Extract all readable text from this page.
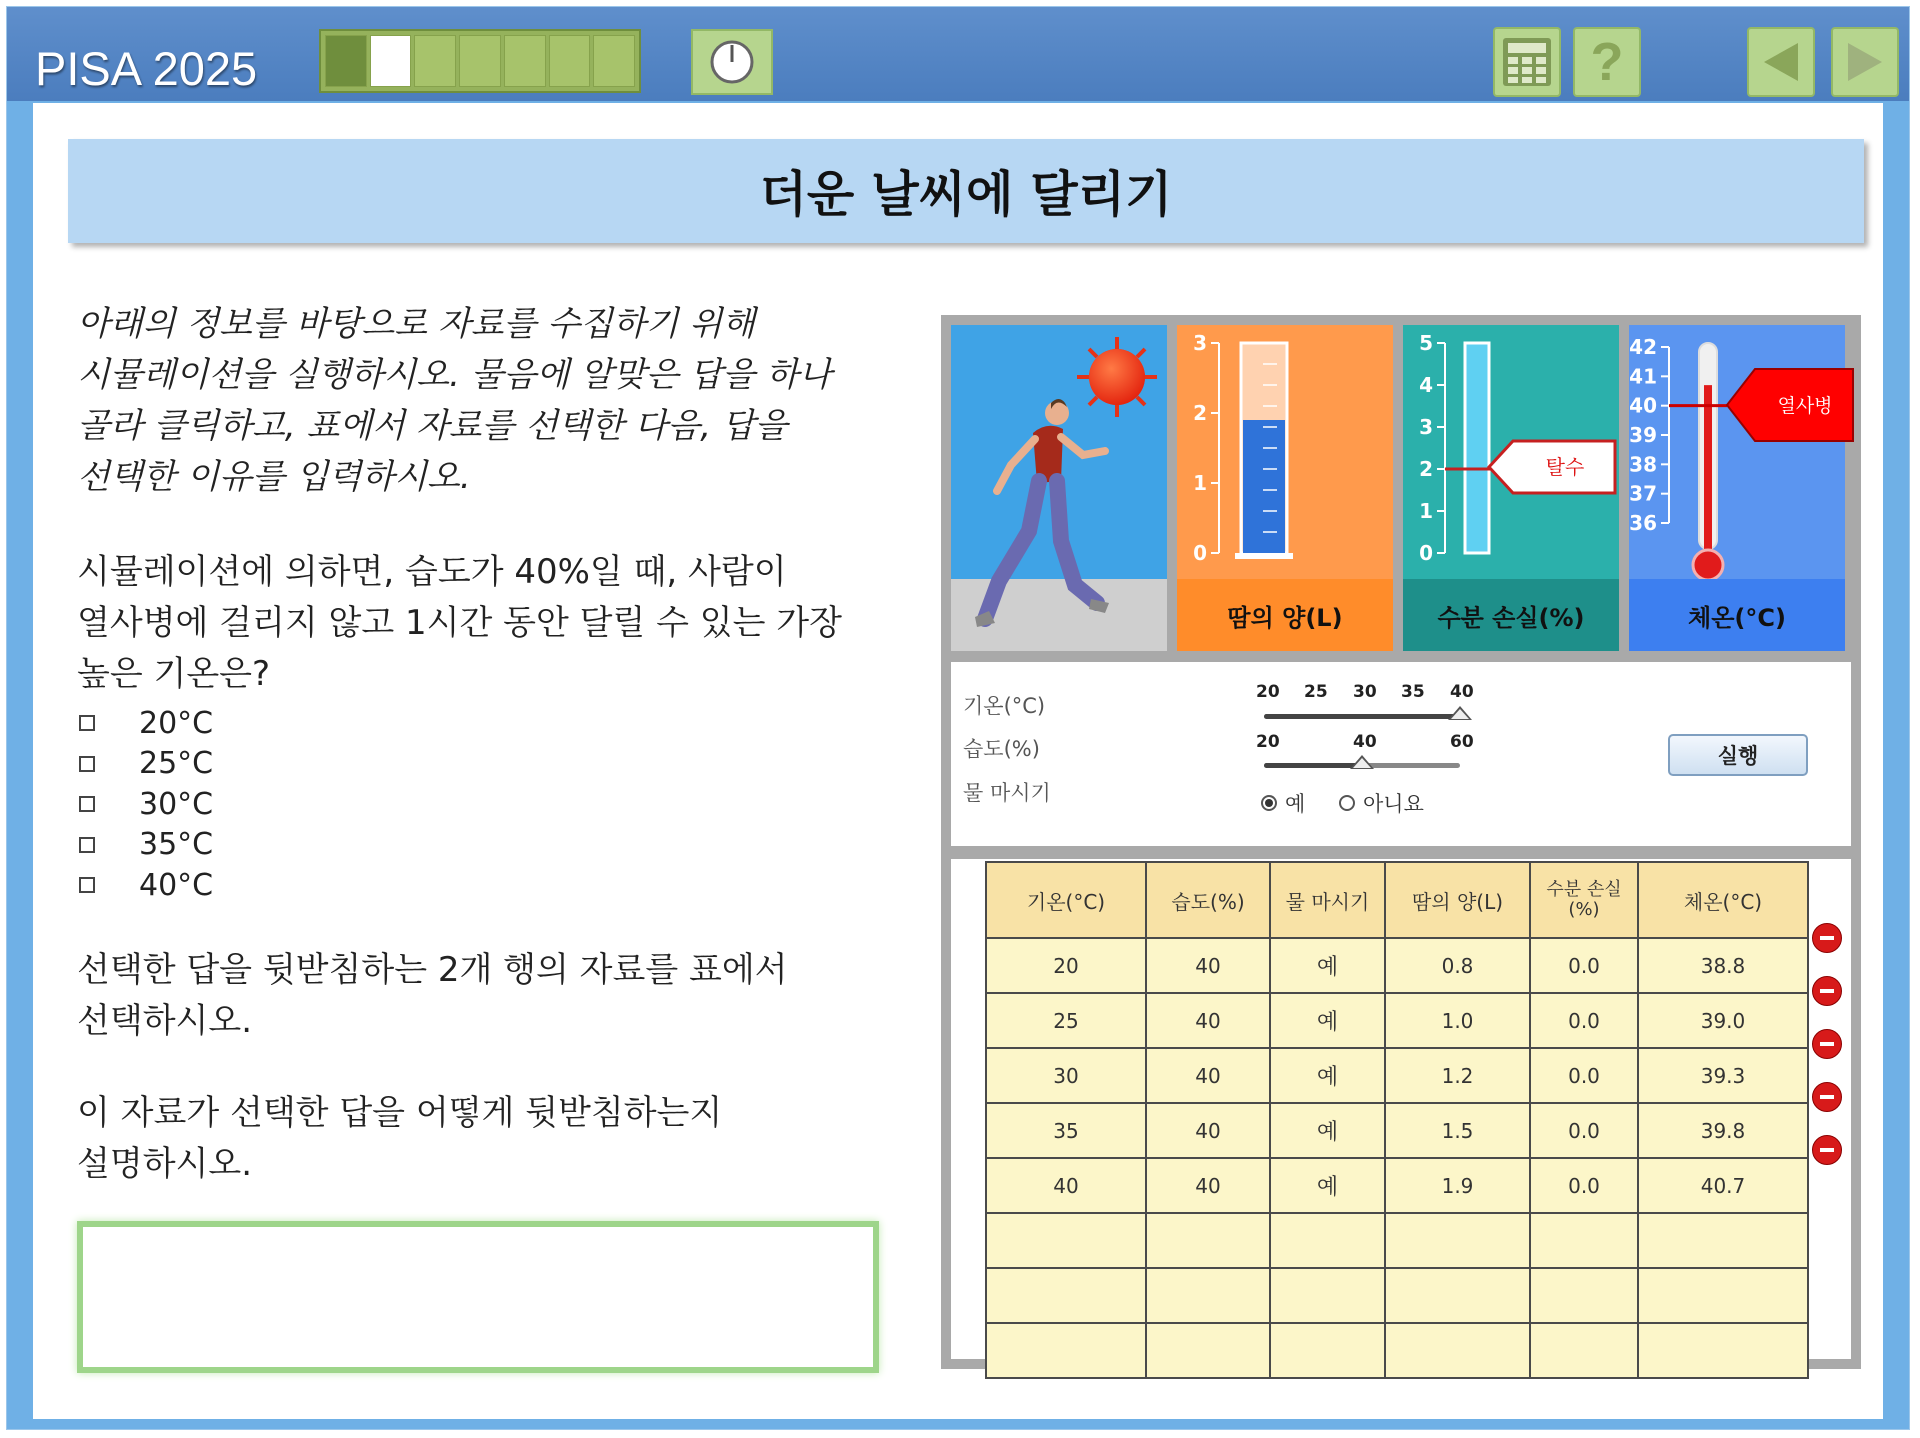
PISA 2025	?
더운 날씨에 달리기

아래의 정보를 바탕으로 자료를 수집하기 위해
시뮬레이션을 실행하시오. 물음에 알맞은 답을 하나
골라 클릭하고, 표에서 자료를 선택한 다음, 답을
선택한 이유를 입력하시오.

시뮬레이션에 의하면, 습도가 40%일 때, 사람이
열사병에 걸리지 않고 1시간 동안 달릴 수 있는 가장
높은 기온은?

20°C
25°C
30°C
35°C
40°C

선택한 답을 뒷받침하는 2개 행의 자료를 표에서
선택하시오.

이 자료가 선택한 답을 어떻게 뒷받침하는지
설명하시오.

3
2
1
0
땀의 양(L)
5
4
3
2
1
0
탈수
수분 손실(%)
42
41
40
39
38
37
36
열사병
체온(°C)
기온(°C)
습도(%)
물 마시기
20 25 30 35 40
20	40	60
예	아니요
실행
기온(°C)	습도(%)	물 마시기	땀의 양(L)	수분 손실 (%)	체온(°C)
20	40	예	0.8	0.0	38.8
25	40	예	1.0	0.0	39.0
30	40	예	1.2	0.0	39.3
35	40	예	1.5	0.0	39.8
40	40	예	1.9	0.0	40.7
